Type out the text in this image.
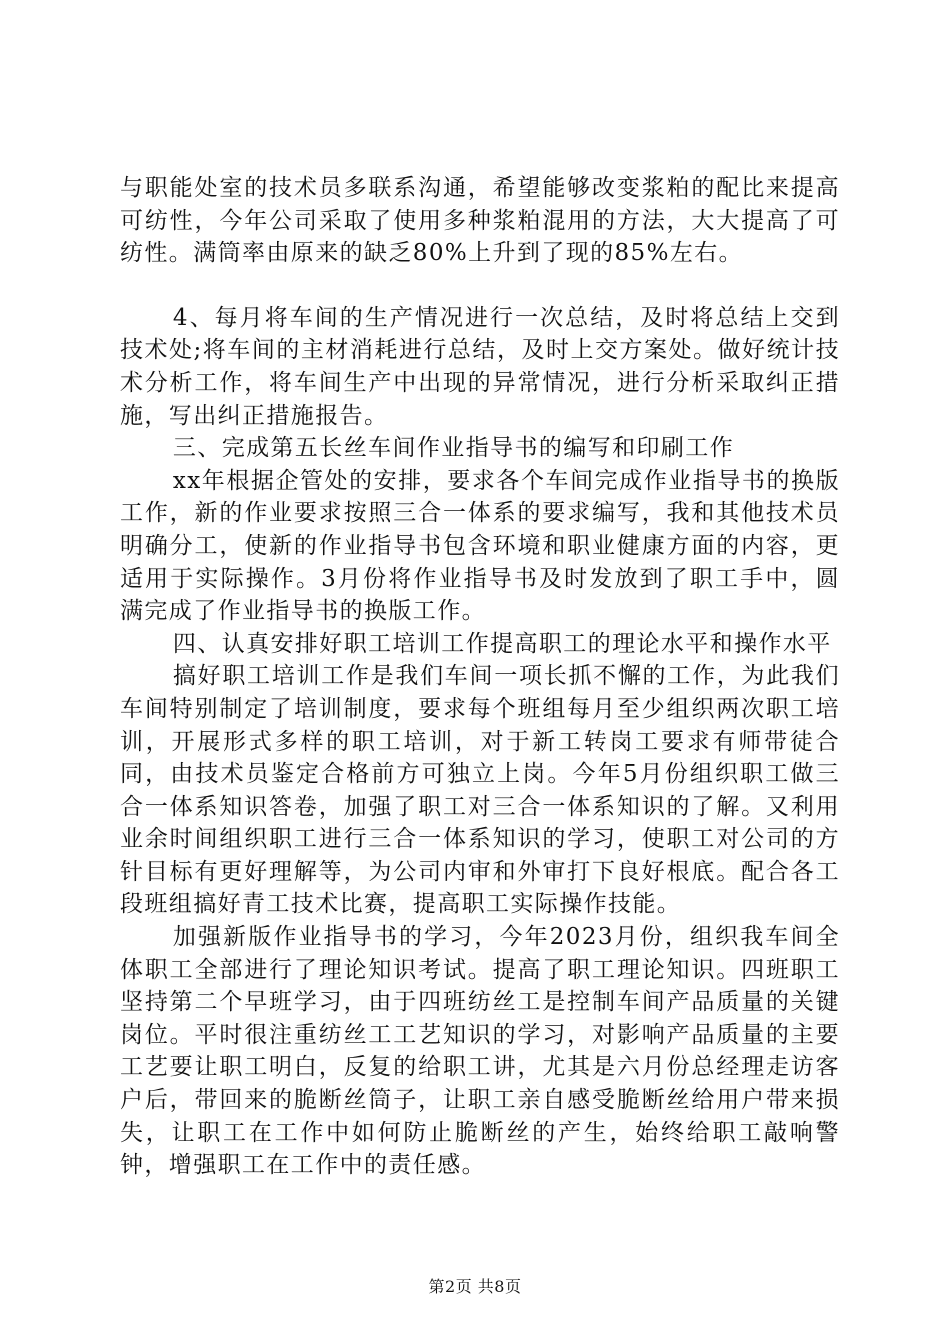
与职能处室的技术员多联系沟通，希望能够改变浆粕的配比来提高可纺性，今年公司采取了使用多种浆粕混用的方法，大大提高了可纺性。满筒率由原来的缺乏80%上升到了现的85%左右。

4、每月将车间的生产情况进行一次总结，及时将总结上交到技术处;将车间的主材消耗进行总结，及时上交方案处。做好统计技术分析工作，将车间生产中出现的异常情况，进行分析采取纠正措施，写出纠正措施报告。

三、完成第五长丝车间作业指导书的编写和印刷工作

xx年根据企管处的安排，要求各个车间完成作业指导书的换版工作，新的作业要求按照三合一体系的要求编写，我和其他技术员明确分工，使新的作业指导书包含环境和职业健康方面的内容，更适用于实际操作。3月份将作业指导书及时发放到了职工手中，圆满完成了作业指导书的换版工作。

四、认真安排好职工培训工作提高职工的理论水平和操作水平

搞好职工培训工作是我们车间一项长抓不懈的工作，为此我们车间特别制定了培训制度，要求每个班组每月至少组织两次职工培训，开展形式多样的职工培训，对于新工转岗工要求有师带徒合同，由技术员鉴定合格前方可独立上岗。今年5月份组织职工做三合一体系知识答卷，加强了职工对三合一体系知识的了解。又利用业余时间组织职工进行三合一体系知识的学习，使职工对公司的方针目标有更好理解等，为公司内审和外审打下良好根底。配合各工段班组搞好青工技术比赛，提高职工实际操作技能。

加强新版作业指导书的学习，今年2023月份，组织我车间全体职工全部进行了理论知识考试。提高了职工理论知识。四班职工坚持第二个早班学习，由于四班纺丝工是控制车间产品质量的关键岗位。平时很注重纺丝工工艺知识的学习，对影响产品质量的主要工艺要让职工明白，反复的给职工讲，尤其是六月份总经理走访客户后，带回来的脆断丝筒子，让职工亲自感受脆断丝给用户带来损失，让职工在工作中如何防止脆断丝的产生，始终给职工敲响警钟，增强职工在工作中的责任感。

第2页 共8页
